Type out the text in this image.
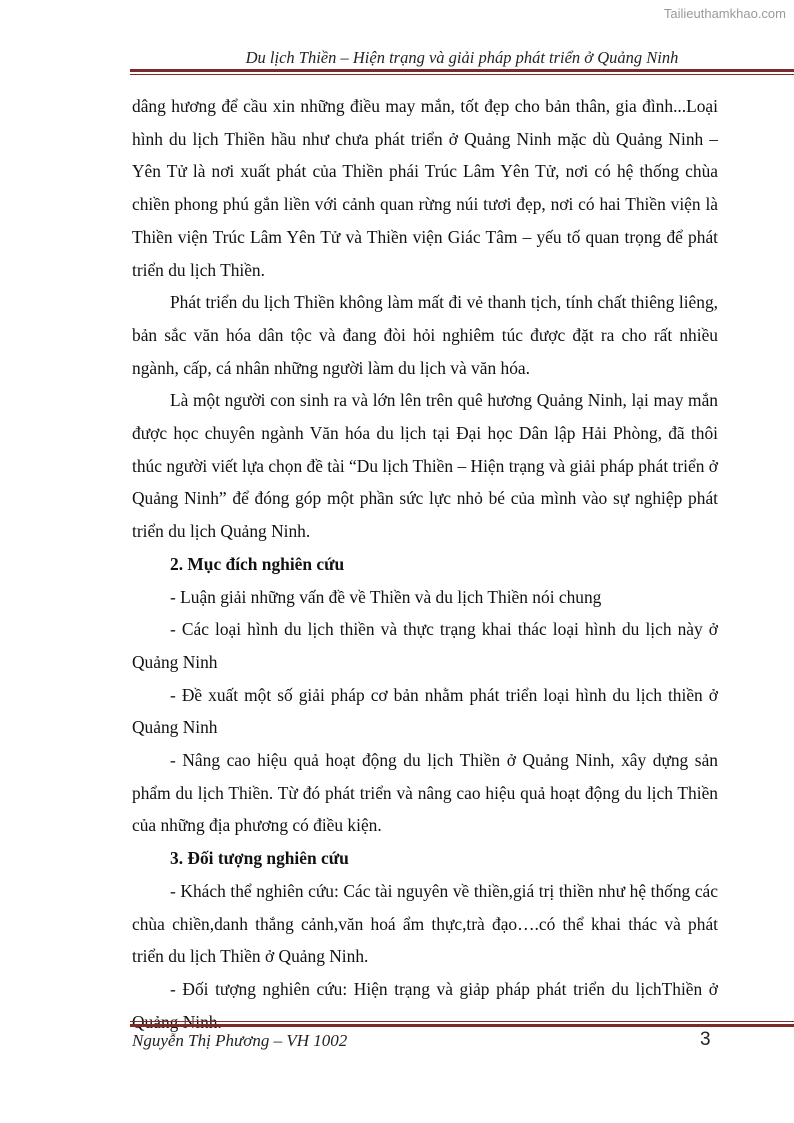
Tailieuthamkhao.com
Du lịch Thiền – Hiện trạng và giải pháp phát triển ở Quảng Ninh

dâng hương để cầu xin những điều may mắn, tốt đẹp cho bản thân, gia đình...Loại hình du lịch Thiền hầu như chưa phát triển ở Quảng Ninh mặc dù Quảng Ninh – Yên Tử là nơi xuất phát của Thiền phái Trúc Lâm Yên Tử, nơi có hệ thống chùa chiền phong phú gắn liền với cảnh quan rừng núi tươi đẹp, nơi có hai Thiền viện là Thiền viện Trúc Lâm Yên Tử và Thiền viện Giác Tâm – yếu tố quan trọng để phát triển du lịch Thiền.

Phát triển du lịch Thiền không làm mất đi vẻ thanh tịch, tính chất thiêng liêng, bản sắc văn hóa dân tộc và đang đòi hỏi nghiêm túc được đặt ra cho rất nhiều ngành, cấp, cá nhân những người làm du lịch và văn hóa.

Là một người con sinh ra và lớn lên trên quê hương Quảng Ninh, lại may mắn được học chuyên ngành Văn hóa du lịch tại Đại học Dân lập Hải Phòng, đã thôi thúc người viết lựa chọn đề tài “Du lịch Thiền – Hiện trạng và giải pháp phát triển ở Quảng Ninh” để đóng góp một phần sức lực nhỏ bé của mình vào sự nghiệp phát triển du lịch Quảng Ninh.

2. Mục đích nghiên cứu

- Luận giải những vấn đề về Thiền và du lịch Thiền nói chung

- Các loại hình du lịch thiền và thực trạng khai thác loại hình du lịch này ở Quảng Ninh

- Đề xuất một số giải pháp cơ bản nhằm phát triển loại hình du lịch thiền ở Quảng Ninh

- Nâng cao hiệu quả hoạt động du lịch Thiền ở Quảng Ninh, xây dựng sản phẩm du lịch Thiền. Từ đó phát triển và nâng cao hiệu quả hoạt động du lịch Thiền của những địa phương có điều kiện.

3. Đối tượng nghiên cứu

- Khách thể nghiên cứu: Các tài nguyên về thiền,giá trị thiền như hệ thống các chùa chiền,danh thắng cảnh,văn hoá ẩm thực,trà đạo….có thể khai thác và phát triển du lịch Thiền ở Quảng Ninh.

- Đối tượng nghiên cứu: Hiện trạng và giảp pháp phát triển du lịchThiền ở

Nguyễn Thị Phương – VH 1002	3
